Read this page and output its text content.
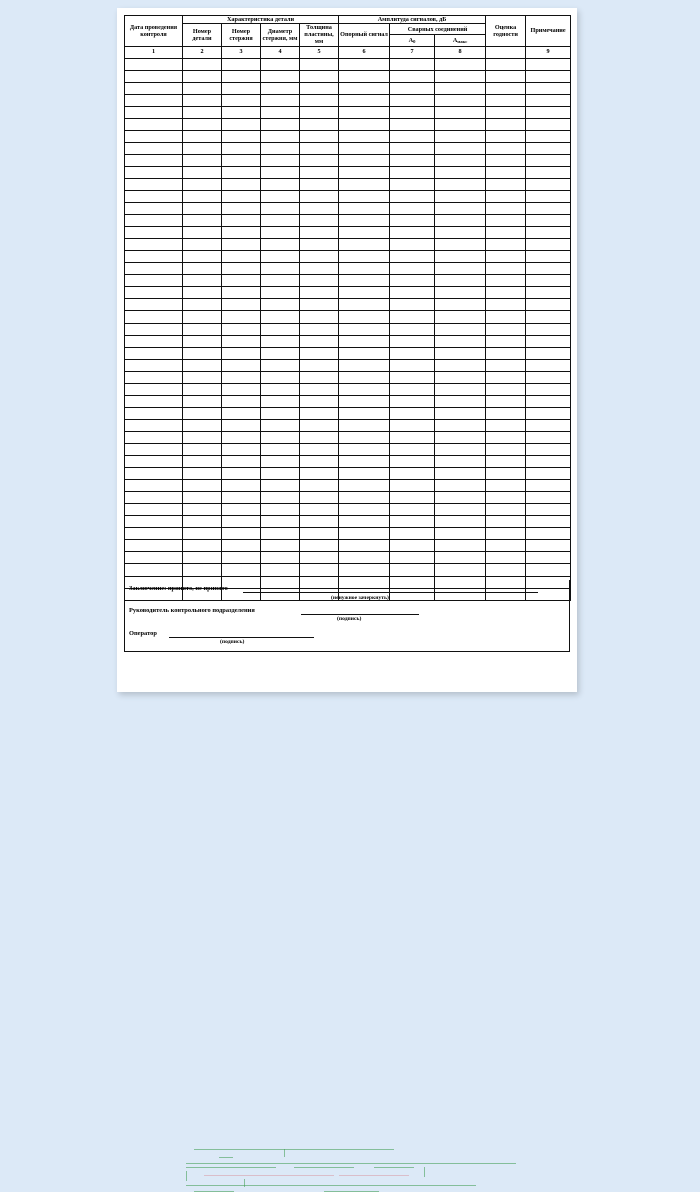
Дата проведения контроля	Характеристика детали				Амплитуда сигналов, дБ			Оценка годности	Примечание
	Номер детали	Номер стержня	Диаметр стержня, мм	Толщина пластины, мм	Опорный сигнал	Сварных соединений			
						$A_0$	$A_{макс}$
1	2	3	4	5	6	7	8		9

Заключение: принято, не принято
(ненужное зачеркнуть)
Руководитель контрольного подразделения
(подпись)
Оператор
(подпись)
